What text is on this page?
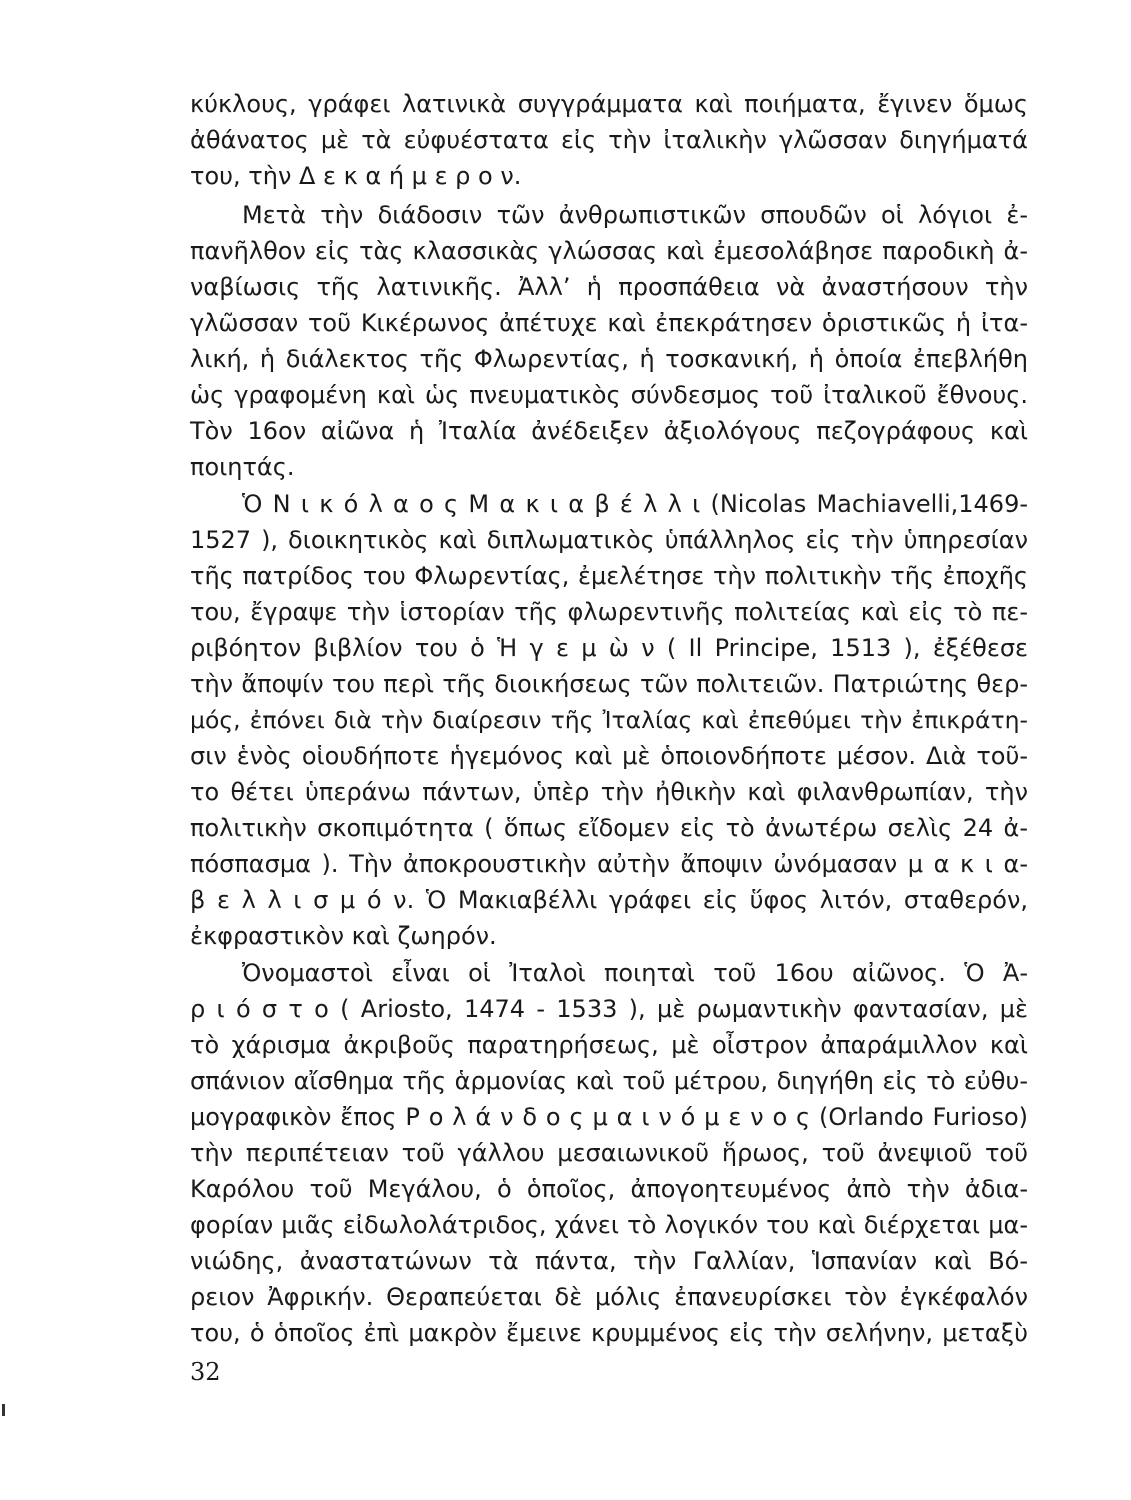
κύκλους, γράφει λατινικὰ συγγράμματα καὶ ποιήματα, ἔγινεν ὅμως
ἀθάνατος μὲ τὰ εὐφυέστατα εἰς τὴν ἰταλικὴν γλῶσσαν διηγήματά
του, τὴν Δ ε κ α ή μ ε ρ ο ν.
Μετὰ τὴν διάδοσιν τῶν ἀνθρωπιστικῶν σπουδῶν οἱ λόγιοι ἐ-
πανῆλθον εἰς τὰς κλασσικὰς γλώσσας καὶ ἐμεσολάβησε παροδικὴ ἀ-
ναβίωσις τῆς λατινικῆς. Ἀλλ’ ἡ προσπάθεια νὰ ἀναστήσουν τὴν
γλῶσσαν τοῦ Κικέρωνος ἀπέτυχε καὶ ἐπεκράτησεν ὁριστικῶς ἡ ἰτα-
λική, ἡ διάλεκτος τῆς Φλωρεντίας, ἡ τοσκανική, ἡ ὁποία ἐπεβλήθη
ὡς γραφομένη καὶ ὡς πνευματικὸς σύνδεσμος τοῦ ἰταλικοῦ ἔθνους.
Τὸν 16ον αἰῶνα ἡ Ἰταλία ἀνέδειξεν ἀξιολόγους πεζογράφους καὶ
ποιητάς.
Ὁ Ν ι κ ό λ α ο ς Μ α κ ι α β έ λ λ ι (Nicolas Machiavelli,1469-
1527 ), διοικητικὸς καὶ διπλωματικὸς ὑπάλληλος εἰς τὴν ὑπηρεσίαν
τῆς πατρίδος του Φλωρεντίας, ἐμελέτησε τὴν πολιτικὴν τῆς ἐποχῆς
του, ἔγραψε τὴν ἱστορίαν τῆς φλωρεντινῆς πολιτείας καὶ εἰς τὸ πε-
ριβόητον βιβλίον του ὁ Ἡ γ ε μ ὼ ν ( Il Principe, 1513 ), ἐξέθεσε
τὴν ἄποψίν του περὶ τῆς διοικήσεως τῶν πολιτειῶν. Πατριώτης θερ-
μός, ἐπόνει διὰ τὴν διαίρεσιν τῆς Ἰταλίας καὶ ἐπεθύμει τὴν ἐπικράτη-
σιν ἑνὸς οἱουδήποτε ἡγεμόνος καὶ μὲ ὁποιονδήποτε μέσον. Διὰ τοῦ-
το θέτει ὑπεράνω πάντων, ὑπὲρ τὴν ἠθικὴν καὶ φιλανθρωπίαν, τὴν
πολιτικὴν σκοπιμότητα ( ὅπως εἴδομεν εἰς τὸ ἀνωτέρω σελὶς 24 ἀ-
πόσπασμα ). Τὴν ἀποκρουστικὴν αὐτὴν ἄποψιν ὠνόμασαν μ α κ ι α-
β ε λ λ ι σ μ ό ν. Ὁ Μακιαβέλλι γράφει εἰς ὕφος λιτόν, σταθερόν,
ἐκφραστικὸν καὶ ζωηρόν.
Ὀνομαστοὶ εἶναι οἱ Ἰταλοὶ ποιηταὶ τοῦ 16ου αἰῶνος. Ὁ Ἀ-
ρ ι ό σ τ ο ( Ariosto, 1474 - 1533 ), μὲ ρωμαντικὴν φαντασίαν, μὲ
τὸ χάρισμα ἀκριβοῦς παρατηρήσεως, μὲ οἶστρον ἀπαράμιλλον καὶ
σπάνιον αἴσθημα τῆς ἁρμονίας καὶ τοῦ μέτρου, διηγήθη εἰς τὸ εὐθυ-
μογραφικὸν ἔπος Ρ ο λ ά ν δ ο ς μ α ι ν ό μ ε ν ο ς (Orlando Furioso)
τὴν περιπέτειαν τοῦ γάλλου μεσαιωνικοῦ ἥρωος, τοῦ ἀνεψιοῦ τοῦ
Καρόλου τοῦ Μεγάλου, ὁ ὁποῖος, ἀπογοητευμένος ἀπὸ τὴν ἀδια-
φορίαν μιᾶς εἰδωλολάτριδος, χάνει τὸ λογικόν του καὶ διέρχεται μα-
νιώδης, ἀναστατώνων τὰ πάντα, τὴν Γαλλίαν, Ἱσπανίαν καὶ Βό-
ρειον Ἀφρικήν. Θεραπεύεται δὲ μόλις ἐπανευρίσκει τὸν ἐγκέφαλόν
του, ὁ ὁποῖος ἐπὶ μακρὸν ἔμεινε κρυμμένος εἰς τὴν σελήνην, μεταξὺ
32
